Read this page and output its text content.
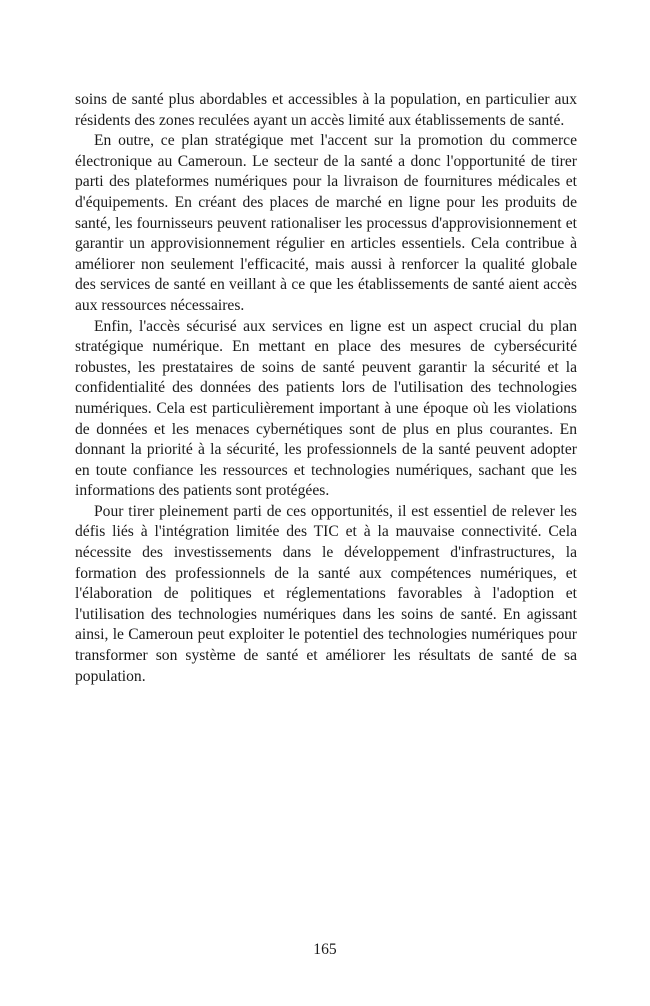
soins de santé plus abordables et accessibles à la population, en particulier aux résidents des zones reculées ayant un accès limité aux établissements de santé.

En outre, ce plan stratégique met l'accent sur la promotion du commerce électronique au Cameroun. Le secteur de la santé a donc l'opportunité de tirer parti des plateformes numériques pour la livraison de fournitures médicales et d'équipements. En créant des places de marché en ligne pour les produits de santé, les fournisseurs peuvent rationaliser les processus d'approvisionnement et garantir un approvisionnement régulier en articles essentiels. Cela contribue à améliorer non seulement l'efficacité, mais aussi à renforcer la qualité globale des services de santé en veillant à ce que les établissements de santé aient accès aux ressources nécessaires.

Enfin, l'accès sécurisé aux services en ligne est un aspect crucial du plan stratégique numérique. En mettant en place des mesures de cybersécurité robustes, les prestataires de soins de santé peuvent garantir la sécurité et la confidentialité des données des patients lors de l'utilisation des technologies numériques. Cela est particulièrement important à une époque où les violations de données et les menaces cybernétiques sont de plus en plus courantes. En donnant la priorité à la sécurité, les professionnels de la santé peuvent adopter en toute confiance les ressources et technologies numériques, sachant que les informations des patients sont protégées.

Pour tirer pleinement parti de ces opportunités, il est essentiel de relever les défis liés à l'intégration limitée des TIC et à la mauvaise connectivité. Cela nécessite des investissements dans le développement d'infrastructures, la formation des professionnels de la santé aux compétences numériques, et l'élaboration de politiques et réglementations favorables à l'adoption et l'utilisation des technologies numériques dans les soins de santé. En agissant ainsi, le Cameroun peut exploiter le potentiel des technologies numériques pour transformer son système de santé et améliorer les résultats de santé de sa population.

165
